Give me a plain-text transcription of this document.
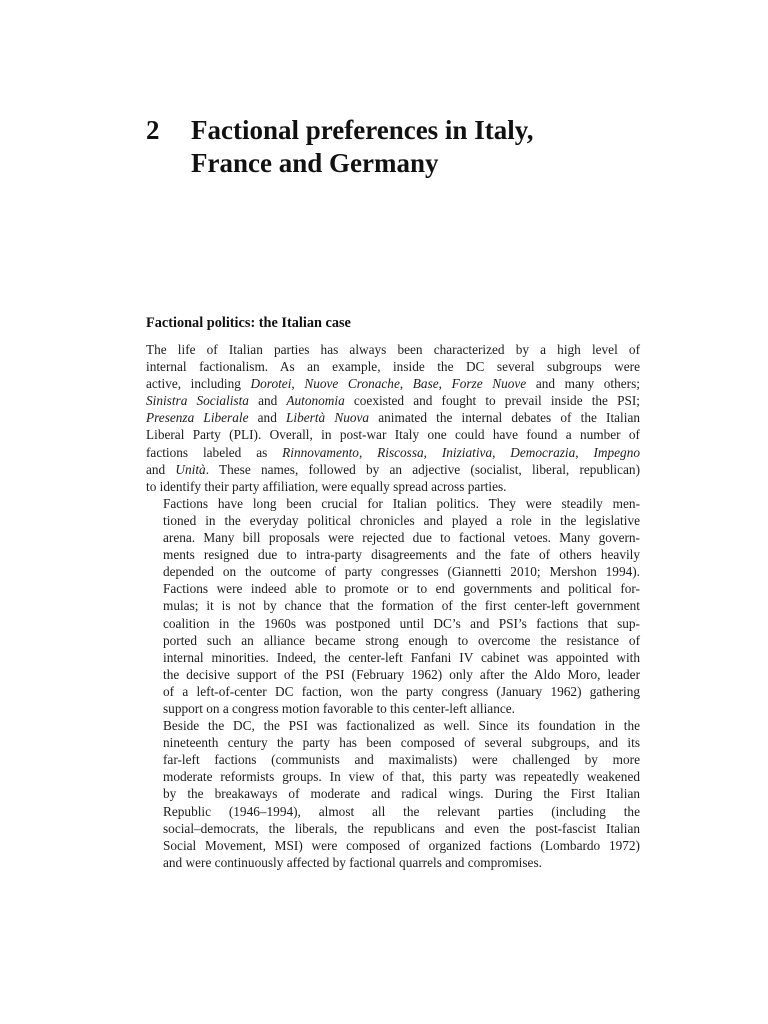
2 Factional preferences in Italy,
France and Germany
Factional politics: the Italian case

The life of Italian parties has always been characterized by a high level of
internal factionalism. As an example, inside the DC several subgroups were
active, including Dorotei, Nuove Cronache, Base, Forze Nuove and many others;
Sinistra Socialista and Autonomia coexisted and fought to prevail inside the PSI;
Presenza Liberale and Libertà Nuova animated the internal debates of the Italian
Liberal Party (PLI). Overall, in post-war Italy one could have found a number of
factions labeled as Rinnovamento, Riscossa, Iniziativa, Democrazia, Impegno
and Unità. These names, followed by an adjective (socialist, liberal, republican)
to identify their party affiliation, were equally spread across parties.

Factions have long been crucial for Italian politics. They were steadily men-
tioned in the everyday political chronicles and played a role in the legislative
arena. Many bill proposals were rejected due to factional vetoes. Many govern-
ments resigned due to intra-party disagreements and the fate of others heavily
depended on the outcome of party congresses (Giannetti 2010; Mershon 1994).
Factions were indeed able to promote or to end governments and political for-
mulas; it is not by chance that the formation of the first center-left government
coalition in the 1960s was postponed until DC’s and PSI’s factions that sup-
ported such an alliance became strong enough to overcome the resistance of
internal minorities. Indeed, the center-left Fanfani IV cabinet was appointed with
the decisive support of the PSI (February 1962) only after the Aldo Moro, leader
of a left-of-center DC faction, won the party congress (January 1962) gathering
support on a congress motion favorable to this center-left alliance.

Beside the DC, the PSI was factionalized as well. Since its foundation in the
nineteenth century the party has been composed of several subgroups, and its
far-left factions (communists and maximalists) were challenged by more
moderate reformists groups. In view of that, this party was repeatedly weakened
by the breakaways of moderate and radical wings. During the First Italian
Republic (1946–1994), almost all the relevant parties (including the
social–democrats, the liberals, the republicans and even the post-fascist Italian
Social Movement, MSI) were composed of organized factions (Lombardo 1972)
and were continuously affected by factional quarrels and compromises.
